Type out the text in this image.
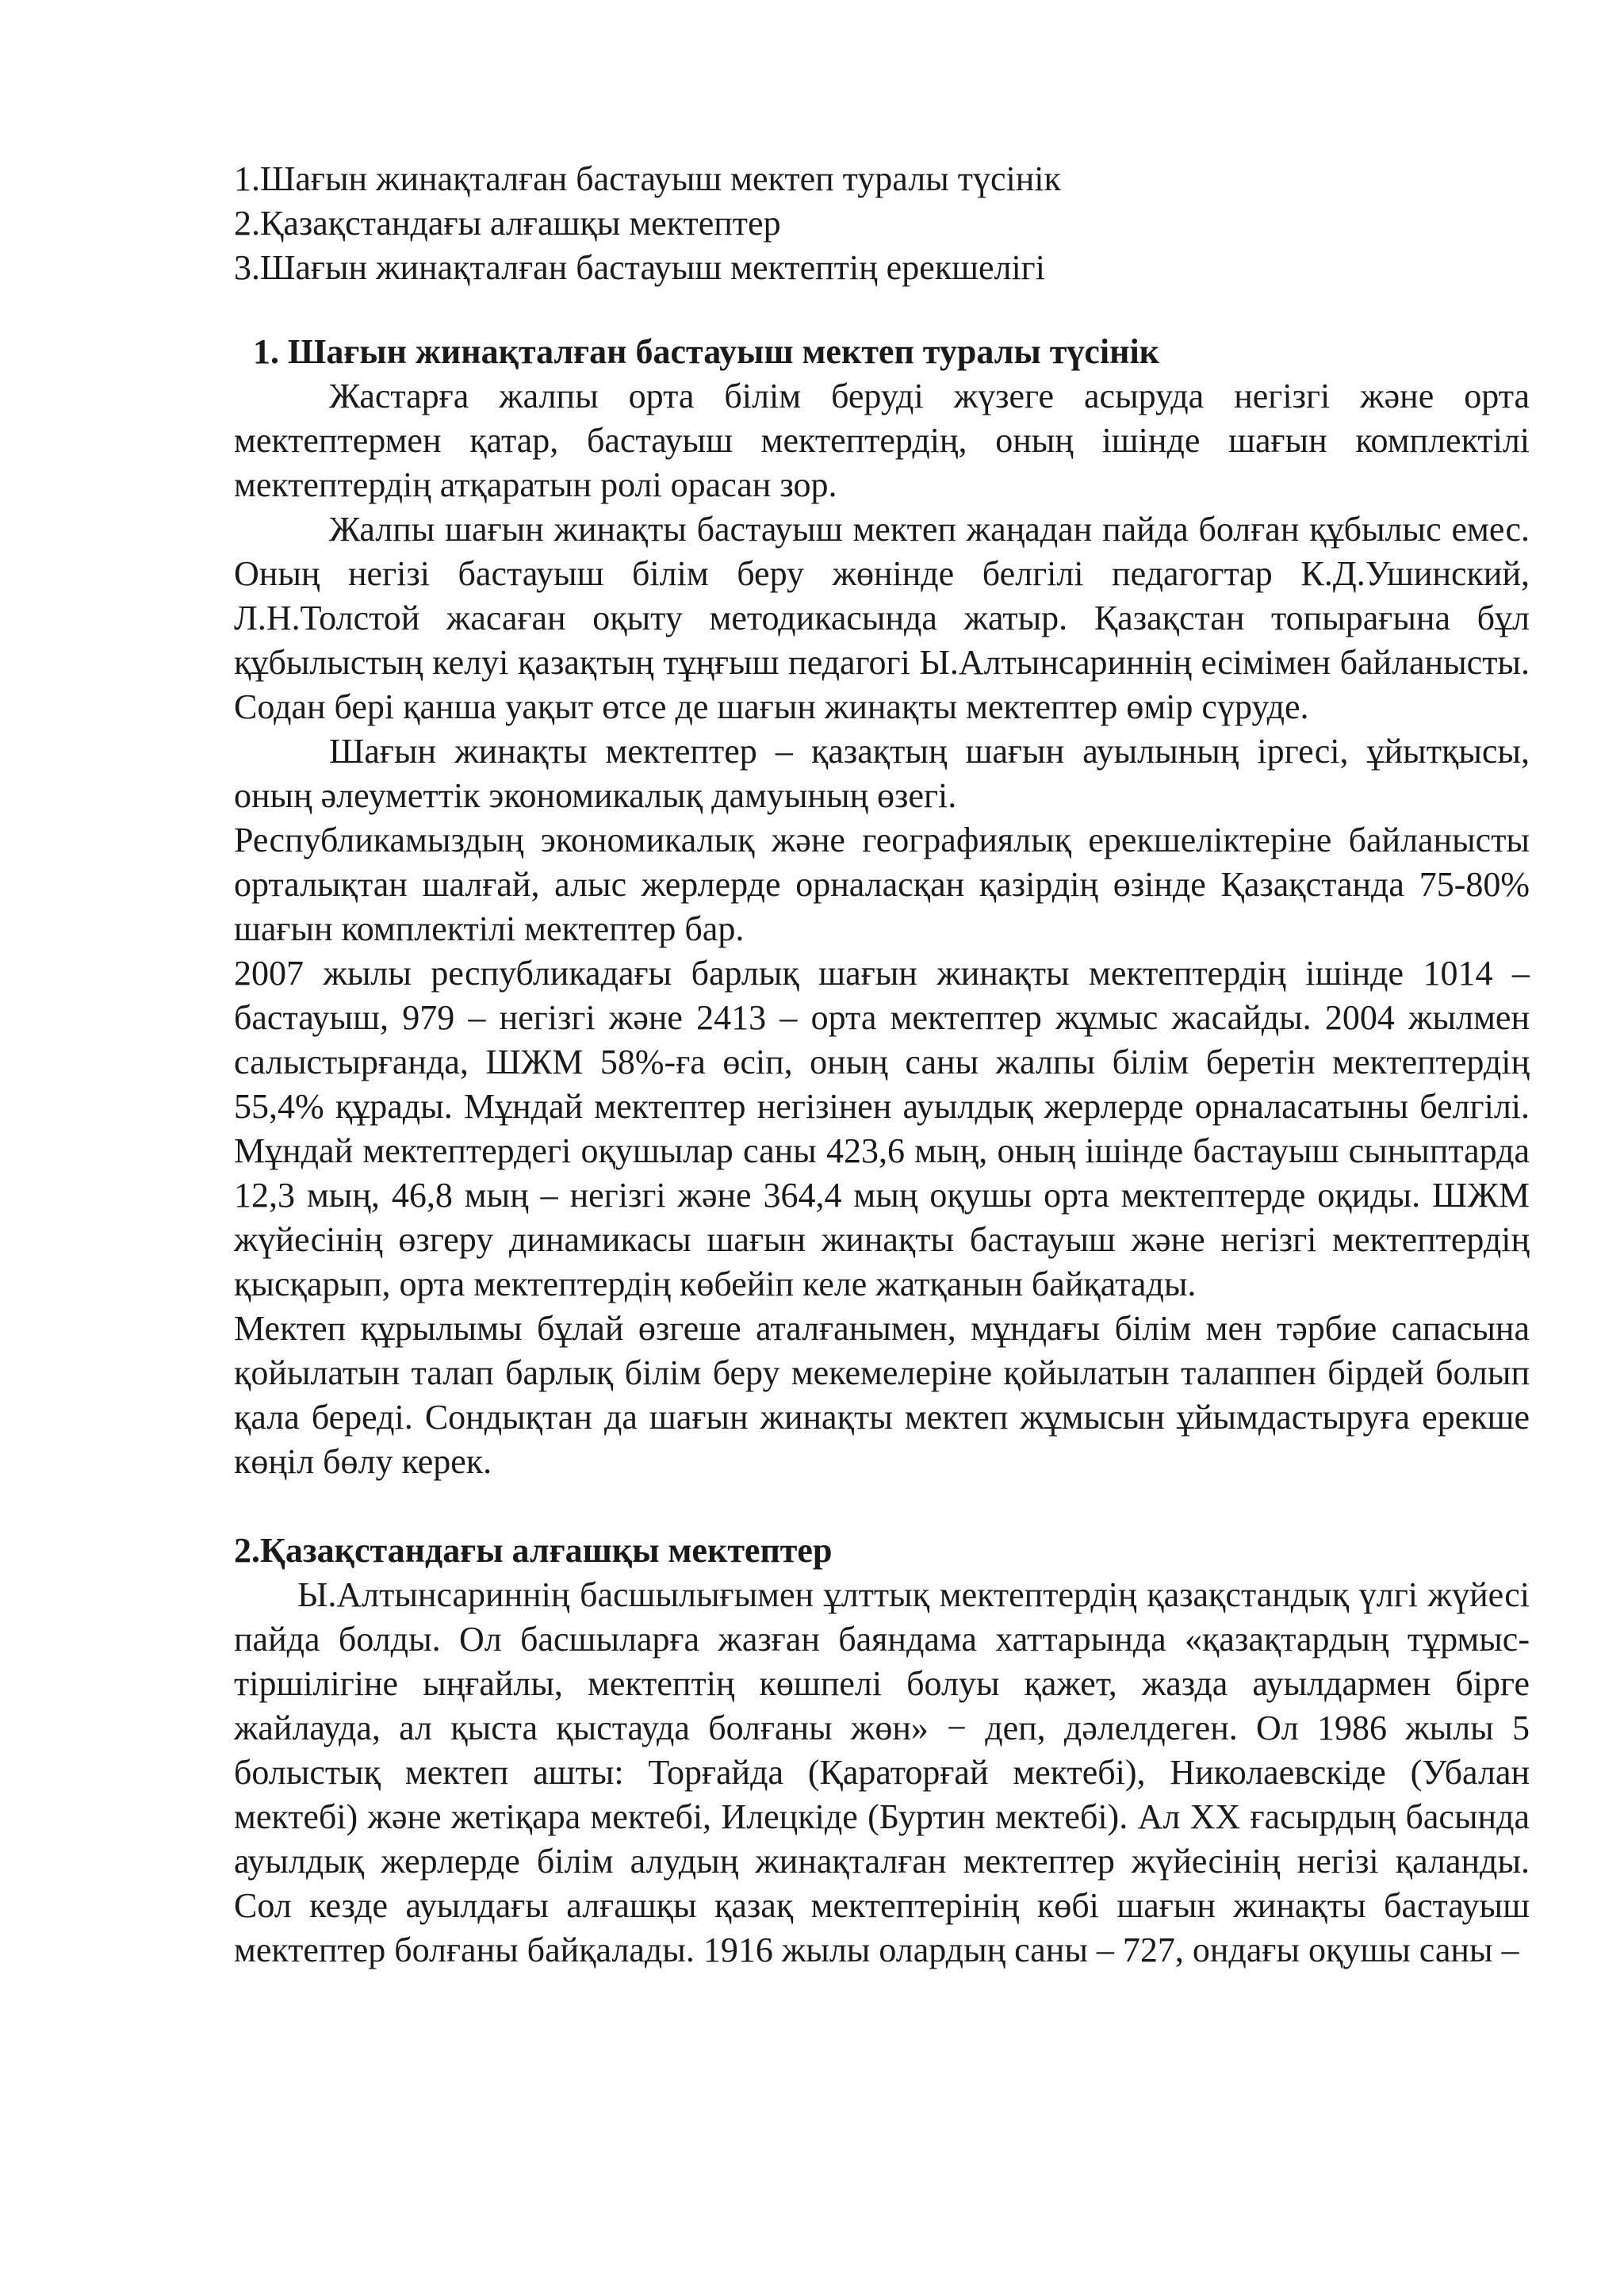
1.Шағын жинақталған бастауыш мектеп туралы түсінік

2.Қазақстандағы алғашқы мектептер

3.Шағын жинақталған бастауыш мектептің ерекшелігі

1. Шағын жинақталған бастауыш мектеп туралы түсінік

Жастарға жалпы орта білім беруді жүзеге асыруда негізгі және орта мектептермен қатар, бастауыш мектептердің, оның ішінде шағын комплектілі мектептердің атқаратын ролі орасан зор.

Жалпы шағын жинақты бастауыш мектеп жаңадан пайда болған құбылыс емес. Оның негізі бастауыш білім беру жөнінде белгілі педагогтар К.Д.Ушинский, Л.Н.Толстой жасаған оқыту методикасында жатыр. Қазақстан топырағына бұл құбылыстың келуі қазақтың тұңғыш педагогі Ы.Алтынсариннің есімімен байланысты. Содан бері қанша уақыт өтсе де шағын жинақты мектептер өмір сүруде.

Шағын жинақты мектептер – қазақтың шағын ауылының іргесі, ұйытқысы, оның әлеуметтік экономикалық дамуының өзегі.

Республикамыздың экономикалық және географиялық ерекшеліктеріне байланысты орталықтан шалғай, алыс жерлерде орналасқан қазірдің өзінде Қазақстанда 75-80% шағын комплектілі мектептер бар.

2007 жылы республикадағы барлық шағын жинақты мектептердің ішінде 1014 – бастауыш, 979 – негізгі және 2413 – орта мектептер жұмыс жасайды. 2004 жылмен салыстырғанда, ШЖМ 58%-ға өсіп, оның саны жалпы білім беретін мектептердің 55,4% құрады. Мұндай мектептер негізінен ауылдық жерлерде орналасатыны белгілі. Мұндай мектептердегі оқушылар саны 423,6 мың, оның ішінде бастауыш сыныптарда 12,3 мың, 46,8 мың – негізгі және 364,4 мың оқушы орта мектептерде оқиды. ШЖМ жүйесінің өзгеру динамикасы шағын жинақты бастауыш және негізгі мектептердің қысқарып, орта мектептердің көбейіп келе жатқанын байқатады.

Мектеп құрылымы бұлай өзгеше аталғанымен, мұндағы білім мен тәрбие сапасына қойылатын талап барлық білім беру мекемелеріне қойылатын талаппен бірдей болып қала береді. Сондықтан да шағын жинақты мектеп жұмысын ұйымдастыруға ерекше көңіл бөлу керек.

2.Қазақстандағы алғашқы мектептер

Ы.Алтынсариннің басшылығымен ұлттық мектептердің қазақстандық үлгі жүйесі пайда болды. Ол басшыларға жазған баяндама хаттарында «қазақтардың тұрмыс-тіршілігіне ыңғайлы, мектептің көшпелі болуы қажет, жазда ауылдармен бірге жайлауда, ал қыста қыстауда болғаны жөн» − деп, дәлелдеген. Ол 1986 жылы 5 болыстық мектеп ашты: Торғайда (Қараторғай мектебі), Николаевскіде (Убалан мектебі) және жетіқара мектебі, Илецкіде (Буртин мектебі). Ал XX ғасырдың басында ауылдық жерлерде білім алудың жинақталған мектептер жүйесінің негізі қаланды. Сол кезде ауылдағы алғашқы қазақ мектептерінің көбі шағын жинақты бастауыш мектептер болғаны байқалады. 1916 жылы олардың саны – 727, ондағы оқушы саны –
